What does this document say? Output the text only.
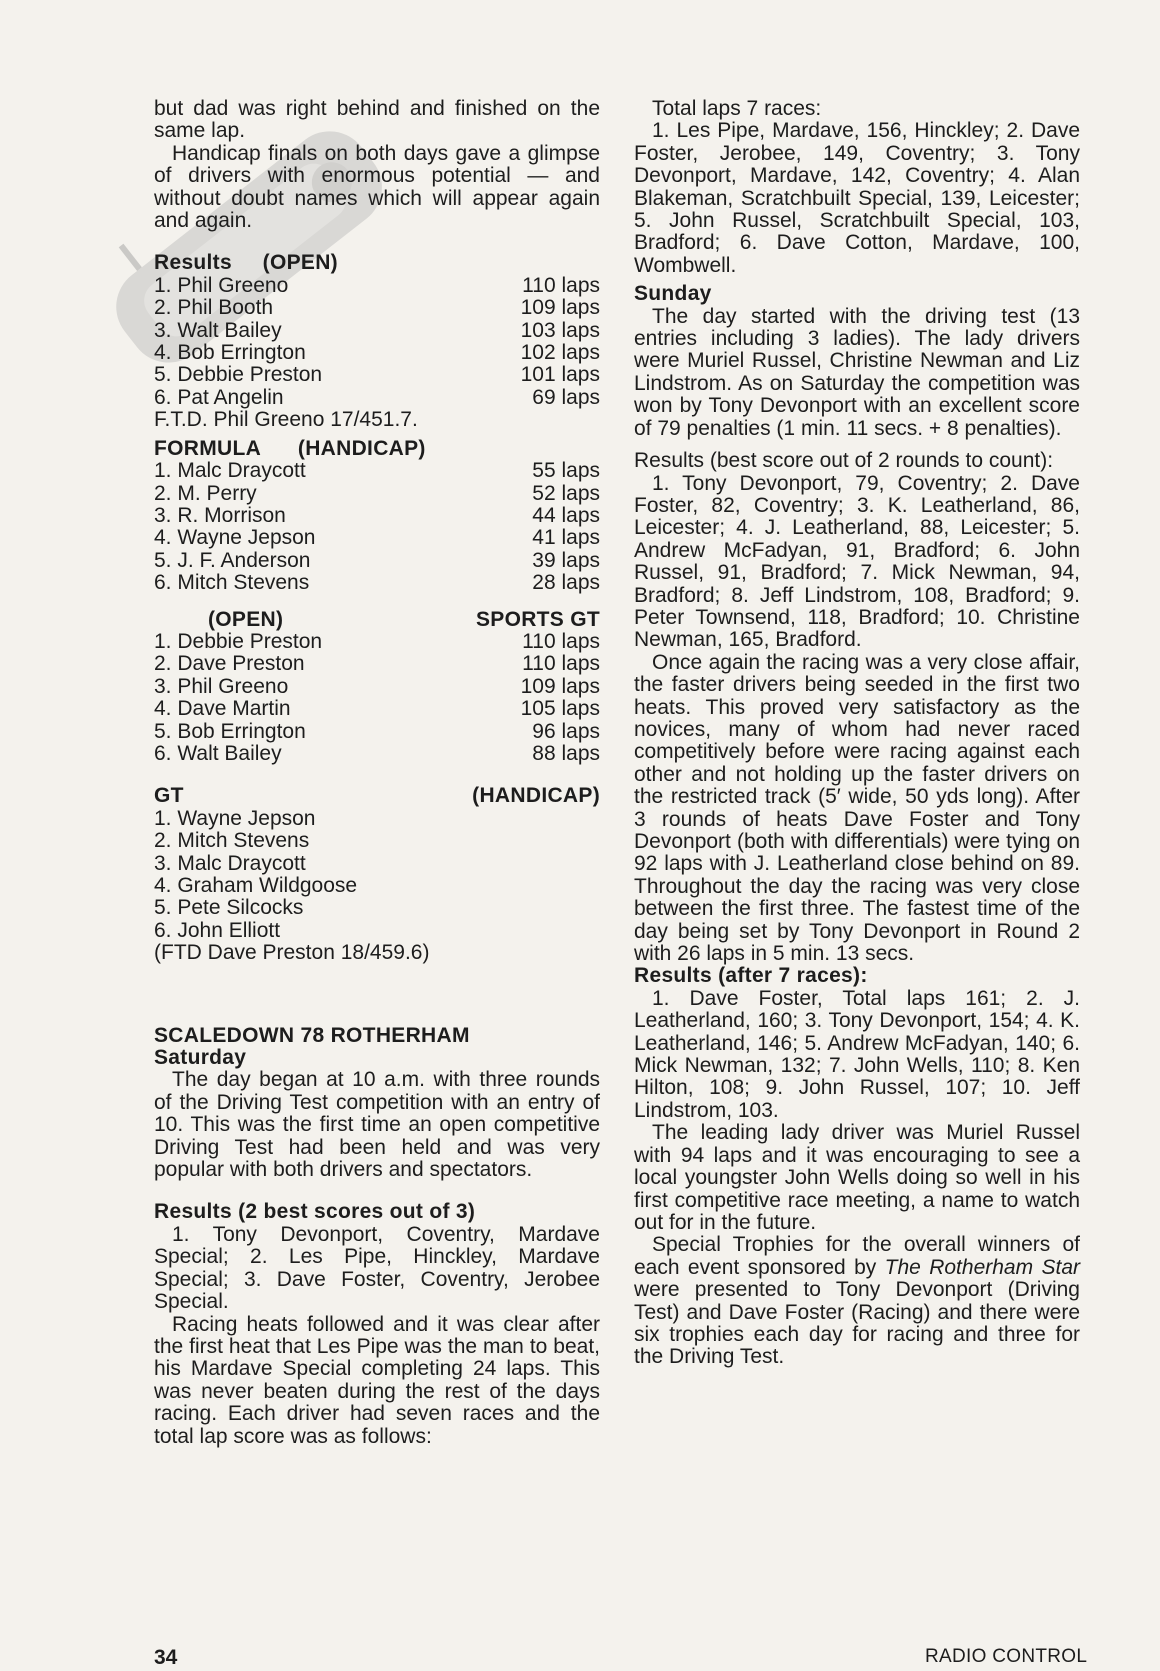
but dad was right behind and finished on the same lap.

Handicap finals on both days gave a glimpse of drivers with enormous potential — and without doubt names which will appear again and again.

Results (OPEN)
1. Phil Greeno	110 laps
2. Phil Booth	109 laps
3. Walt Bailey	103 laps
4. Bob Errington	102 laps
5. Debbie Preston	101 laps
6. Pat Angelin	69 laps

F.T.D. Phil Greeno 17/451.7.

FORMULA (HANDICAP)
1. Malc Draycott	55 laps
2. M. Perry	52 laps
3. R. Morrison	44 laps
4. Wayne Jepson	41 laps
5. J. F. Anderson	39 laps
6. Mitch Stevens	28 laps
(OPEN)	SPORTS GT
1. Debbie Preston	110 laps
2. Dave Preston	110 laps
3. Phil Greeno	109 laps
4. Dave Martin	105 laps
5. Bob Errington	96 laps
6. Walt Bailey	88 laps
GT	(HANDICAP)

1. Wayne Jepson

2. Mitch Stevens

3. Malc Draycott

4. Graham Wildgoose

5. Pete Silcocks

6. John Elliott

(FTD Dave Preston 18/459.6)

SCALEDOWN 78 ROTHERHAM

Saturday

The day began at 10 a.m. with three rounds of the Driving Test competition with an entry of 10. This was the first time an open competitive Driving Test had been held and was very popular with both drivers and spectators.

Results (2 best scores out of 3)

1. Tony Devonport, Coventry, Mardave Special; 2. Les Pipe, Hinckley, Mardave Special; 3. Dave Foster, Coventry, Jerobee Special.

Racing heats followed and it was clear after the first heat that Les Pipe was the man to beat, his Mardave Special completing 24 laps. This was never beaten during the rest of the days racing. Each driver had seven races and the total lap score was as follows:

Total laps 7 races:

1. Les Pipe, Mardave, 156, Hinckley; 2. Dave Foster, Jerobee, 149, Coventry; 3. Tony Devonport, Mardave, 142, Coventry; 4. Alan Blakeman, Scratchbuilt Special, 139, Leicester; 5. John Russel, Scratchbuilt Special, 103, Bradford; 6. Dave Cotton, Mardave, 100, Wombwell.

Sunday

The day started with the driving test (13 entries including 3 ladies). The lady drivers were Muriel Russel, Christine Newman and Liz Lindstrom. As on Saturday the competition was won by Tony Devonport with an excellent score of 79 penalties (1 min. 11 secs. + 8 penalties).

Results (best score out of 2 rounds to count):

1. Tony Devonport, 79, Coventry; 2. Dave Foster, 82, Coventry; 3. K. Leatherland, 86, Leicester; 4. J. Leatherland, 88, Leicester; 5. Andrew McFadyan, 91, Bradford; 6. John Russel, 91, Bradford; 7. Mick Newman, 94, Bradford; 8. Jeff Lindstrom, 108, Bradford; 9. Peter Townsend, 118, Bradford; 10. Christine Newman, 165, Bradford.

Once again the racing was a very close affair, the faster drivers being seeded in the first two heats. This proved very satisfactory as the novices, many of whom had never raced competitively before were racing against each other and not holding up the faster drivers on the restricted track (5′ wide, 50 yds long). After 3 rounds of heats Dave Foster and Tony Devonport (both with differentials) were tying on 92 laps with J. Leatherland close behind on 89. Throughout the day the racing was very close between the first three. The fastest time of the day being set by Tony Devonport in Round 2 with 26 laps in 5 min. 13 secs.

Results (after 7 races):

1. Dave Foster, Total laps 161; 2. J. Leatherland, 160; 3. Tony Devonport, 154; 4. K. Leatherland, 146; 5. Andrew McFadyan, 140; 6. Mick Newman, 132; 7. John Wells, 110; 8. Ken Hilton, 108; 9. John Russel, 107; 10. Jeff Lindstrom, 103.

The leading lady driver was Muriel Russel with 94 laps and it was encouraging to see a local youngster John Wells doing so well in his first competitive race meeting, a name to watch out for in the future.

Special Trophies for the overall winners of each event sponsored by The Rotherham Star were presented to Tony Devonport (Driving Test) and Dave Foster (Racing) and there were six trophies each day for racing and three for the Driving Test.

34	RADIO CONTROL
